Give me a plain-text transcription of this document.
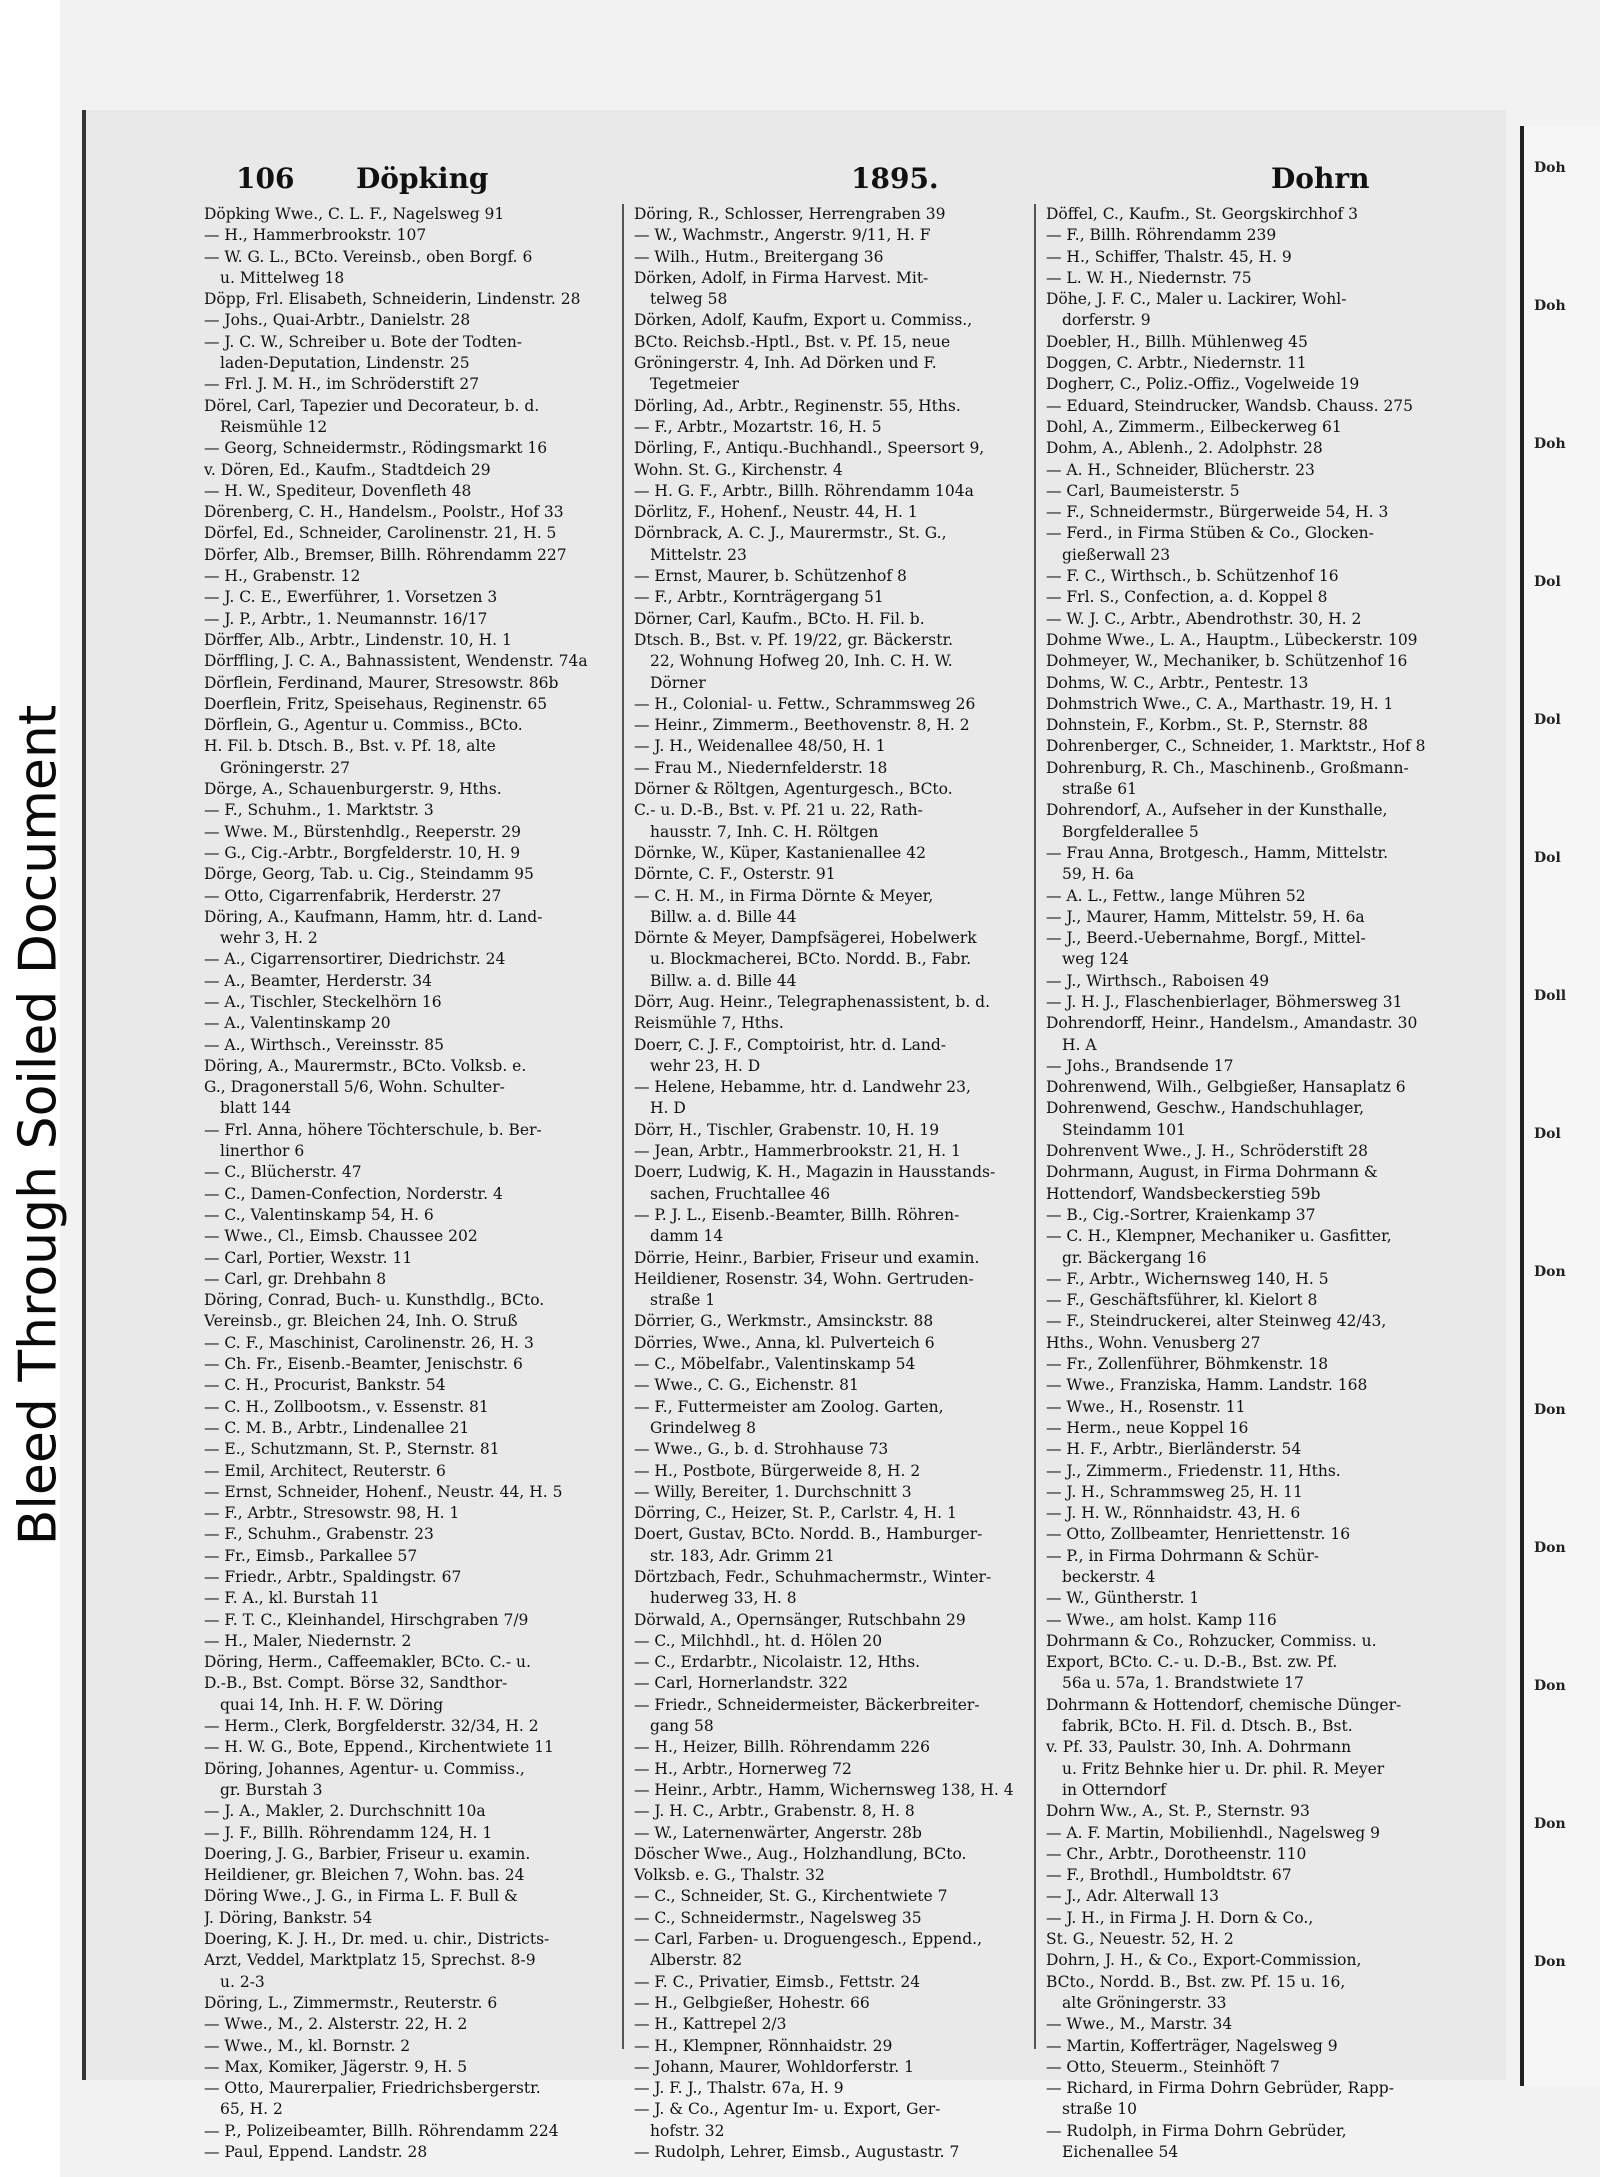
Bleed Through Soiled Document
106 Döpking	1895.	Dohrn
Döpking Wwe., C. L. F., Nagelsweg 91
— H., Hammerbrookstr. 107
— W. G. L., BCto. Vereinsb., oben Borgf. 6
u. Mittelweg 18
Döpp, Frl. Elisabeth, Schneiderin, Lindenstr. 28
— Johs., Quai-Arbtr., Danielstr. 28
— J. C. W., Schreiber u. Bote der Todten-
laden-Deputation, Lindenstr. 25
— Frl. J. M. H., im Schröderstift 27
Dörel, Carl, Tapezier und Decorateur, b. d.
Reismühle 12
— Georg, Schneidermstr., Rödingsmarkt 16
v. Dören, Ed., Kaufm., Stadtdeich 29
— H. W., Spediteur, Dovenfleth 48
Dörenberg, C. H., Handelsm., Poolstr., Hof 33
Dörfel, Ed., Schneider, Carolinenstr. 21, H. 5
Dörfer, Alb., Bremser, Billh. Röhrendamm 227
— H., Grabenstr. 12
— J. C. E., Ewerführer, 1. Vorsetzen 3
— J. P., Arbtr., 1. Neumannstr. 16/17
Dörffer, Alb., Arbtr., Lindenstr. 10, H. 1
Dörffling, J. C. A., Bahnassistent, Wendenstr. 74a
Dörflein, Ferdinand, Maurer, Stresowstr. 86b
Doerflein, Fritz, Speisehaus, Reginenstr. 65
Dörflein, G., Agentur u. Commiss., BCto.
H. Fil. b. Dtsch. B., Bst. v. Pf. 18, alte
Gröningerstr. 27
Dörge, A., Schauenburgerstr. 9, Hths.
— F., Schuhm., 1. Marktstr. 3
— Wwe. M., Bürstenhdlg., Reeperstr. 29
— G., Cig.-Arbtr., Borgfelderstr. 10, H. 9
Dörge, Georg, Tab. u. Cig., Steindamm 95
— Otto, Cigarrenfabrik, Herderstr. 27
Döring, A., Kaufmann, Hamm, htr. d. Land-
wehr 3, H. 2
— A., Cigarrensortirer, Diedrichstr. 24
— A., Beamter, Herderstr. 34
— A., Tischler, Steckelhörn 16
— A., Valentinskamp 20
— A., Wirthsch., Vereinsstr. 85
Döring, A., Maurermstr., BCto. Volksb. e.
G., Dragonerstall 5/6, Wohn. Schulter-
blatt 144
— Frl. Anna, höhere Töchterschule, b. Ber-
linerthor 6
— C., Blücherstr. 47
— C., Damen-Confection, Norderstr. 4
— C., Valentinskamp 54, H. 6
— Wwe., Cl., Eimsb. Chaussee 202
— Carl, Portier, Wexstr. 11
— Carl, gr. Drehbahn 8
Döring, Conrad, Buch- u. Kunsthdlg., BCto.
Vereinsb., gr. Bleichen 24, Inh. O. Struß
— C. F., Maschinist, Carolinenstr. 26, H. 3
— Ch. Fr., Eisenb.-Beamter, Jenischstr. 6
— C. H., Procurist, Bankstr. 54
— C. H., Zollbootsm., v. Essenstr. 81
— C. M. B., Arbtr., Lindenallee 21
— E., Schutzmann, St. P., Sternstr. 81
— Emil, Architect, Reuterstr. 6
— Ernst, Schneider, Hohenf., Neustr. 44, H. 5
— F., Arbtr., Stresowstr. 98, H. 1
— F., Schuhm., Grabenstr. 23
— Fr., Eimsb., Parkallee 57
— Friedr., Arbtr., Spaldingstr. 67
— F. A., kl. Burstah 11
— F. T. C., Kleinhandel, Hirschgraben 7/9
— H., Maler, Niedernstr. 2
Döring, Herm., Caffeemakler, BCto. C.- u.
D.-B., Bst. Compt. Börse 32, Sandthor-
quai 14, Inh. H. F. W. Döring
— Herm., Clerk, Borgfelderstr. 32/34, H. 2
— H. W. G., Bote, Eppend., Kirchentwiete 11
Döring, Johannes, Agentur- u. Commiss.,
gr. Burstah 3
— J. A., Makler, 2. Durchschnitt 10a
— J. F., Billh. Röhrendamm 124, H. 1
Doering, J. G., Barbier, Friseur u. examin.
Heildiener, gr. Bleichen 7, Wohn. bas. 24
Döring Wwe., J. G., in Firma L. F. Bull &
J. Döring, Bankstr. 54
Doering, K. J. H., Dr. med. u. chir., Districts-
Arzt, Veddel, Marktplatz 15, Sprechst. 8-9
u. 2-3
Döring, L., Zimmermstr., Reuterstr. 6
— Wwe., M., 2. Alsterstr. 22, H. 2
— Wwe., M., kl. Bornstr. 2
— Max, Komiker, Jägerstr. 9, H. 5
— Otto, Maurerpalier, Friedrichsbergerstr.
65, H. 2
— P., Polizeibeamter, Billh. Röhrendamm 224
— Paul, Eppend. Landstr. 28
Döring, R., Schlosser, Herrengraben 39
— W., Wachmstr., Angerstr. 9/11, H. F
— Wilh., Hutm., Breitergang 36
Dörken, Adolf, in Firma Harvest. Mit-
telweg 58
Dörken, Adolf, Kaufm, Export u. Commiss.,
BCto. Reichsb.-Hptl., Bst. v. Pf. 15, neue
Gröningerstr. 4, Inh. Ad Dörken und F.
Tegetmeier
Dörling, Ad., Arbtr., Reginenstr. 55, Hths.
— F., Arbtr., Mozartstr. 16, H. 5
Dörling, F., Antiqu.-Buchhandl., Speersort 9,
Wohn. St. G., Kirchenstr. 4
— H. G. F., Arbtr., Billh. Röhrendamm 104a
Dörlitz, F., Hohenf., Neustr. 44, H. 1
Dörnbrack, A. C. J., Maurermstr., St. G.,
Mittelstr. 23
— Ernst, Maurer, b. Schützenhof 8
— F., Arbtr., Kornträgergang 51
Dörner, Carl, Kaufm., BCto. H. Fil. b.
Dtsch. B., Bst. v. Pf. 19/22, gr. Bäckerstr.
22, Wohnung Hofweg 20, Inh. C. H. W.
Dörner
— H., Colonial- u. Fettw., Schrammsweg 26
— Heinr., Zimmerm., Beethovenstr. 8, H. 2
— J. H., Weidenallee 48/50, H. 1
— Frau M., Niedernfelderstr. 18
Dörner & Röltgen, Agenturgesch., BCto.
C.- u. D.-B., Bst. v. Pf. 21 u. 22, Rath-
hausstr. 7, Inh. C. H. Röltgen
Dörnke, W., Küper, Kastanienallee 42
Dörnte, C. F., Osterstr. 91
— C. H. M., in Firma Dörnte & Meyer,
Billw. a. d. Bille 44
Dörnte & Meyer, Dampfsägerei, Hobelwerk
u. Blockmacherei, BCto. Nordd. B., Fabr.
Billw. a. d. Bille 44
Dörr, Aug. Heinr., Telegraphenassistent, b. d.
Reismühle 7, Hths.
Doerr, C. J. F., Comptoirist, htr. d. Land-
wehr 23, H. D
— Helene, Hebamme, htr. d. Landwehr 23,
H. D
Dörr, H., Tischler, Grabenstr. 10, H. 19
— Jean, Arbtr., Hammerbrookstr. 21, H. 1
Doerr, Ludwig, K. H., Magazin in Hausstands-
sachen, Fruchtallee 46
— P. J. L., Eisenb.-Beamter, Billh. Röhren-
damm 14
Dörrie, Heinr., Barbier, Friseur und examin.
Heildiener, Rosenstr. 34, Wohn. Gertruden-
straße 1
Dörrier, G., Werkmstr., Amsinckstr. 88
Dörries, Wwe., Anna, kl. Pulverteich 6
— C., Möbelfabr., Valentinskamp 54
— Wwe., C. G., Eichenstr. 81
— F., Futtermeister am Zoolog. Garten,
Grindelweg 8
— Wwe., G., b. d. Strohhause 73
— H., Postbote, Bürgerweide 8, H. 2
— Willy, Bereiter, 1. Durchschnitt 3
Dörring, C., Heizer, St. P., Carlstr. 4, H. 1
Doert, Gustav, BCto. Nordd. B., Hamburger-
str. 183, Adr. Grimm 21
Dörtzbach, Fedr., Schuhmachermstr., Winter-
huderweg 33, H. 8
Dörwald, A., Opernsänger, Rutschbahn 29
— C., Milchhdl., ht. d. Hölen 20
— C., Erdarbtr., Nicolaistr. 12, Hths.
— Carl, Hornerlandstr. 322
— Friedr., Schneidermeister, Bäckerbreiter-
gang 58
— H., Heizer, Billh. Röhrendamm 226
— H., Arbtr., Hornerweg 72
— Heinr., Arbtr., Hamm, Wichernsweg 138, H. 4
— J. H. C., Arbtr., Grabenstr. 8, H. 8
— W., Laternenwärter, Angerstr. 28b
Döscher Wwe., Aug., Holzhandlung, BCto.
Volksb. e. G., Thalstr. 32
— C., Schneider, St. G., Kirchentwiete 7
— C., Schneidermstr., Nagelsweg 35
— Carl, Farben- u. Droguengesch., Eppend.,
Alberstr. 82
— F. C., Privatier, Eimsb., Fettstr. 24
— H., Gelbgießer, Hohestr. 66
— H., Kattrepel 2/3
— H., Klempner, Rönnhaidstr. 29
— Johann, Maurer, Wohldorferstr. 1
— J. F. J., Thalstr. 67a, H. 9
— J. & Co., Agentur Im- u. Export, Ger-
hofstr. 32
— Rudolph, Lehrer, Eimsb., Augustastr. 7
Döffel, C., Kaufm., St. Georgskirchhof 3
— F., Billh. Röhrendamm 239
— H., Schiffer, Thalstr. 45, H. 9
— L. W. H., Niedernstr. 75
Döhe, J. F. C., Maler u. Lackirer, Wohl-
dorferstr. 9
Doebler, H., Billh. Mühlenweg 45
Doggen, C. Arbtr., Niedernstr. 11
Dogherr, C., Poliz.-Offiz., Vogelweide 19
— Eduard, Steindrucker, Wandsb. Chauss. 275
Dohl, A., Zimmerm., Eilbeckerweg 61
Dohm, A., Ablenh., 2. Adolphstr. 28
— A. H., Schneider, Blücherstr. 23
— Carl, Baumeisterstr. 5
— F., Schneidermstr., Bürgerweide 54, H. 3
— Ferd., in Firma Stüben & Co., Glocken-
gießerwall 23
— F. C., Wirthsch., b. Schützenhof 16
— Frl. S., Confection, a. d. Koppel 8
— W. J. C., Arbtr., Abendrothstr. 30, H. 2
Dohme Wwe., L. A., Hauptm., Lübeckerstr. 109
Dohmeyer, W., Mechaniker, b. Schützenhof 16
Dohms, W. C., Arbtr., Pentestr. 13
Dohmstrich Wwe., C. A., Marthastr. 19, H. 1
Dohnstein, F., Korbm., St. P., Sternstr. 88
Dohrenberger, C., Schneider, 1. Marktstr., Hof 8
Dohrenburg, R. Ch., Maschinenb., Großmann-
straße 61
Dohrendorf, A., Aufseher in der Kunsthalle,
Borgfelderallee 5
— Frau Anna, Brotgesch., Hamm, Mittelstr.
59, H. 6a
— A. L., Fettw., lange Mühren 52
— J., Maurer, Hamm, Mittelstr. 59, H. 6a
— J., Beerd.-Uebernahme, Borgf., Mittel-
weg 124
— J., Wirthsch., Raboisen 49
— J. H. J., Flaschenbierlager, Böhmersweg 31
Dohrendorff, Heinr., Handelsm., Amandastr. 30
H. A
— Johs., Brandsende 17
Dohrenwend, Wilh., Gelbgießer, Hansaplatz 6
Dohrenwend, Geschw., Handschuhlager,
Steindamm 101
Dohrenvent Wwe., J. H., Schröderstift 28
Dohrmann, August, in Firma Dohrmann &
Hottendorf, Wandsbeckerstieg 59b
— B., Cig.-Sortrer, Kraienkamp 37
— C. H., Klempner, Mechaniker u. Gasfitter,
gr. Bäckergang 16
— F., Arbtr., Wichernsweg 140, H. 5
— F., Geschäftsführer, kl. Kielort 8
— F., Steindruckerei, alter Steinweg 42/43,
Hths., Wohn. Venusberg 27
— Fr., Zollenführer, Böhmkenstr. 18
— Wwe., Franziska, Hamm. Landstr. 168
— Wwe., H., Rosenstr. 11
— Herm., neue Koppel 16
— H. F., Arbtr., Bierländerstr. 54
— J., Zimmerm., Friedenstr. 11, Hths.
— J. H., Schrammsweg 25, H. 11
— J. H. W., Rönnhaidstr. 43, H. 6
— Otto, Zollbeamter, Henriettenstr. 16
— P., in Firma Dohrmann & Schür-
beckerstr. 4
— W., Güntherstr. 1
— Wwe., am holst. Kamp 116
Dohrmann & Co., Rohzucker, Commiss. u.
Export, BCto. C.- u. D.-B., Bst. zw. Pf.
56a u. 57a, 1. Brandstwiete 17
Dohrmann & Hottendorf, chemische Dünger-
fabrik, BCto. H. Fil. d. Dtsch. B., Bst.
v. Pf. 33, Paulstr. 30, Inh. A. Dohrmann
u. Fritz Behnke hier u. Dr. phil. R. Meyer
in Otterndorf
Dohrn Ww., A., St. P., Sternstr. 93
— A. F. Martin, Mobilienhdl., Nagelsweg 9
— Chr., Arbtr., Dorotheenstr. 110
— F., Brothdl., Humboldtstr. 67
— J., Adr. Alterwall 13
— J. H., in Firma J. H. Dorn & Co.,
St. G., Neuestr. 52, H. 2
Dohrn, J. H., & Co., Export-Commission,
BCto., Nordd. B., Bst. zw. Pf. 15 u. 16,
alte Gröningerstr. 33
— Wwe., M., Marstr. 34
— Martin, Kofferträger, Nagelsweg 9
— Otto, Steuerm., Steinhöft 7
— Richard, in Firma Dohrn Gebrüder, Rapp-
straße 10
— Rudolph, in Firma Dohrn Gebrüder,
Eichenallee 54
Doh
Doh
Doh
Dol
Dol
Dol
Doll
Dol
Don
Don
Don
Don
Don
Don
